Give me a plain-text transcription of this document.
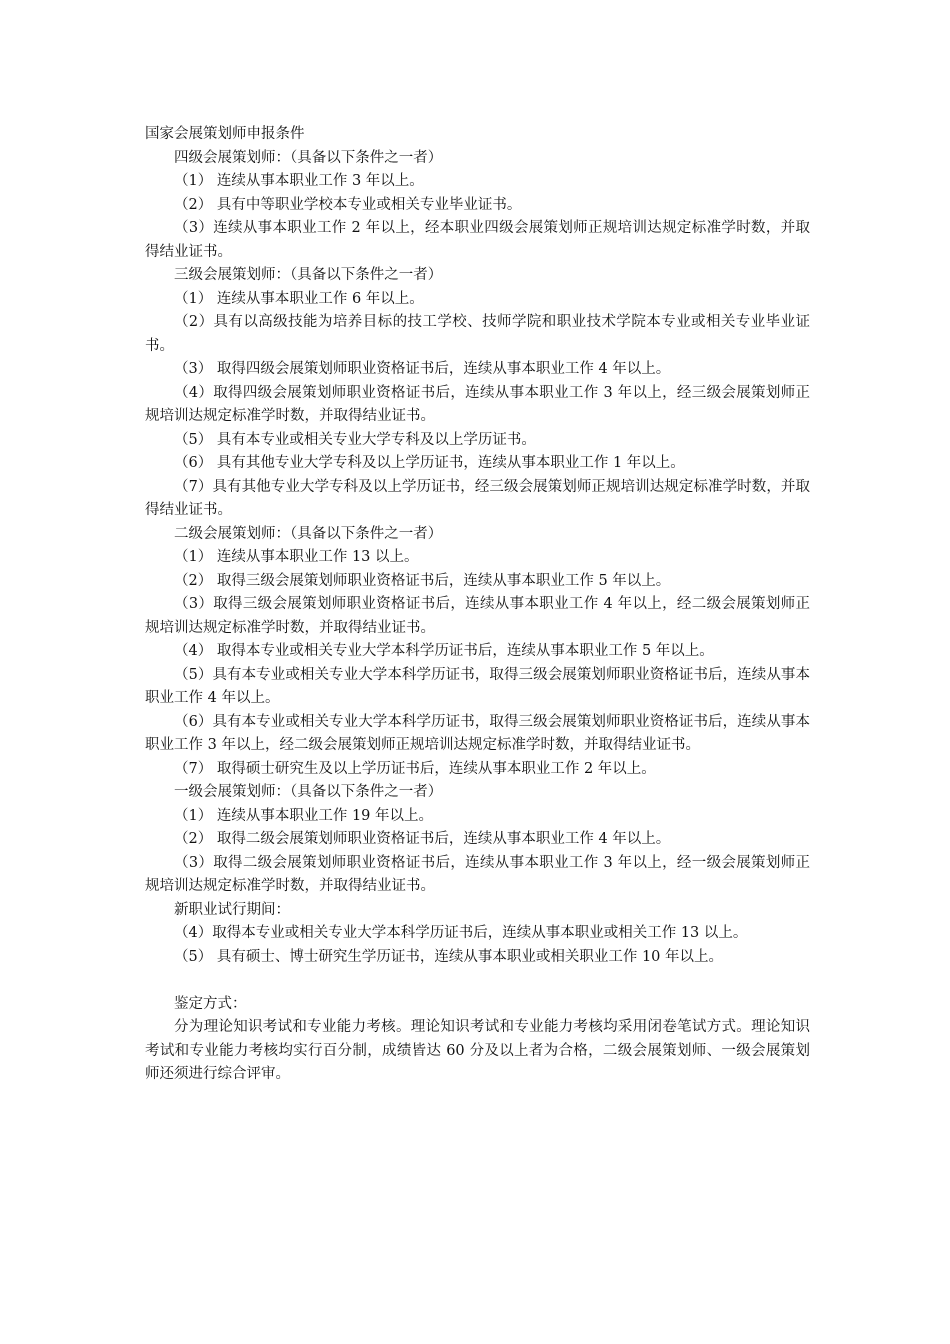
国家会展策划师申报条件

四级会展策划师：（具备以下条件之一者）

（1） 连续从事本职业工作 3 年以上。

（2） 具有中等职业学校本专业或相关专业毕业证书。

（3）连续从事本职业工作 2 年以上，经本职业四级会展策划师正规培训达规定标准学时数，并取得结业证书。

三级会展策划师：（具备以下条件之一者）

（1） 连续从事本职业工作 6 年以上。

（2）具有以高级技能为培养目标的技工学校、技师学院和职业技术学院本专业或相关专业毕业证书。

（3） 取得四级会展策划师职业资格证书后，连续从事本职业工作 4 年以上。

（4）取得四级会展策划师职业资格证书后，连续从事本职业工作 3 年以上，经三级会展策划师正规培训达规定标准学时数，并取得结业证书。

（5） 具有本专业或相关专业大学专科及以上学历证书。

（6） 具有其他专业大学专科及以上学历证书，连续从事本职业工作 1 年以上。

（7）具有其他专业大学专科及以上学历证书，经三级会展策划师正规培训达规定标准学时数，并取得结业证书。

二级会展策划师：（具备以下条件之一者）

（1） 连续从事本职业工作 13 以上。

（2） 取得三级会展策划师职业资格证书后，连续从事本职业工作 5 年以上。

（3）取得三级会展策划师职业资格证书后，连续从事本职业工作 4 年以上，经二级会展策划师正规培训达规定标准学时数，并取得结业证书。

（4） 取得本专业或相关专业大学本科学历证书后，连续从事本职业工作 5 年以上。

（5）具有本专业或相关专业大学本科学历证书，取得三级会展策划师职业资格证书后，连续从事本职业工作 4 年以上。

（6）具有本专业或相关专业大学本科学历证书，取得三级会展策划师职业资格证书后，连续从事本职业工作 3 年以上，经二级会展策划师正规培训达规定标准学时数，并取得结业证书。

（7） 取得硕士研究生及以上学历证书后，连续从事本职业工作 2 年以上。

一级会展策划师：（具备以下条件之一者）

（1） 连续从事本职业工作 19 年以上。

（2） 取得二级会展策划师职业资格证书后，连续从事本职业工作 4 年以上。

（3）取得二级会展策划师职业资格证书后，连续从事本职业工作 3 年以上，经一级会展策划师正规培训达规定标准学时数，并取得结业证书。

新职业试行期间：

（4）取得本专业或相关专业大学本科学历证书后，连续从事本职业或相关工作 13 以上。

（5） 具有硕士、博士研究生学历证书，连续从事本职业或相关职业工作 10 年以上。

鉴定方式：

分为理论知识考试和专业能力考核。理论知识考试和专业能力考核均采用闭卷笔试方式。理论知识考试和专业能力考核均实行百分制，成绩皆达 60 分及以上者为合格，二级会展策划师、一级会展策划师还须进行综合评审。
